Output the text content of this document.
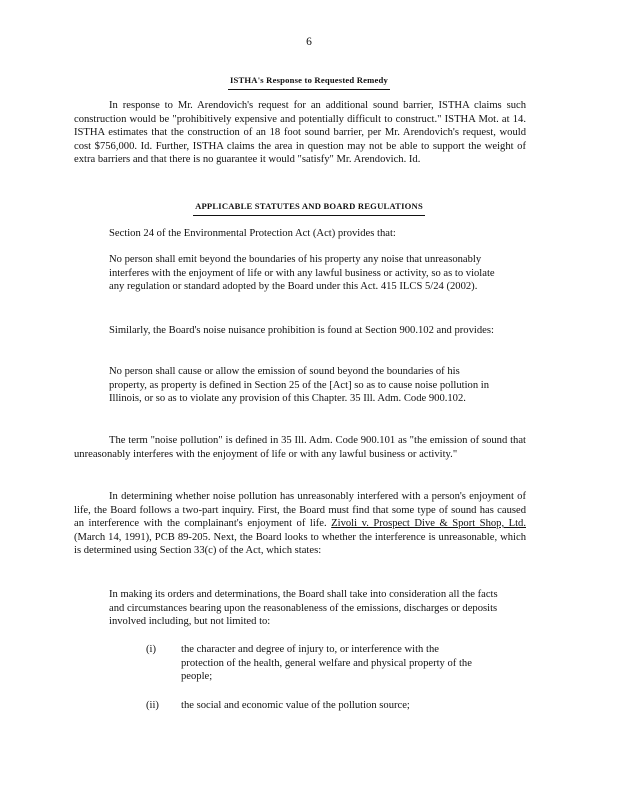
6
ISTHA's Response to Requested Remedy

In response to Mr. Arendovich's request for an additional sound barrier, ISTHA claims such construction would be "prohibitively expensive and potentially difficult to construct." ISTHA Mot. at 14. ISTHA estimates that the construction of an 18 foot sound barrier, per Mr. Arendovich's request, would cost $756,000. Id. Further, ISTHA claims the area in question may not be able to support the weight of extra barriers and that there is no guarantee it would "satisfy" Mr. Arendovich. Id.

APPLICABLE STATUTES AND BOARD REGULATIONS

Section 24 of the Environmental Protection Act (Act) provides that:

No person shall emit beyond the boundaries of his property any noise that unreasonably interferes with the enjoyment of life or with any lawful business or activity, so as to violate any regulation or standard adopted by the Board under this Act. 415 ILCS 5/24 (2002).

Similarly, the Board's noise nuisance prohibition is found at Section 900.102 and provides:

No person shall cause or allow the emission of sound beyond the boundaries of his property, as property is defined in Section 25 of the [Act] so as to cause noise pollution in Illinois, or so as to violate any provision of this Chapter. 35 Ill. Adm. Code 900.102.

The term "noise pollution" is defined in 35 Ill. Adm. Code 900.101 as "the emission of sound that unreasonably interferes with the enjoyment of life or with any lawful business or activity."

In determining whether noise pollution has unreasonably interfered with a person's enjoyment of life, the Board follows a two-part inquiry. First, the Board must find that some type of sound has caused an interference with the complainant's enjoyment of life. Zivoli v. Prospect Dive & Sport Shop, Ltd. (March 14, 1991), PCB 89-205. Next, the Board looks to whether the interference is unreasonable, which is determined using Section 33(c) of the Act, which states:

In making its orders and determinations, the Board shall take into consideration all the facts and circumstances bearing upon the reasonableness of the emissions, discharges or deposits involved including, but not limited to:

(i) the character and degree of injury to, or interference with the protection of the health, general welfare and physical property of the people;

(ii) the social and economic value of the pollution source;
